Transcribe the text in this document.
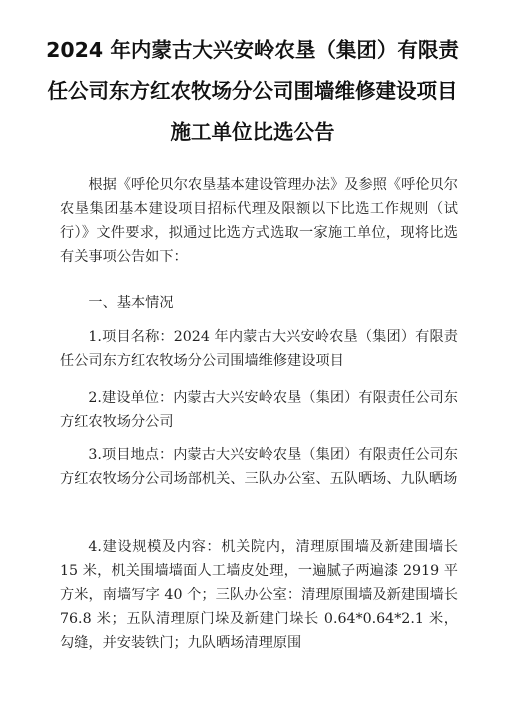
2024 年内蒙古大兴安岭农垦（集团）有限责任公司东方红农牧场分公司围墙维修建设项目施工单位比选公告

根据《呼伦贝尔农垦基本建设管理办法》及参照《呼伦贝尔农垦集团基本建设项目招标代理及限额以下比选工作规则（试行）》文件要求，拟通过比选方式选取一家施工单位，现将比选有关事项公告如下：

一、基本情况

1.项目名称：2024 年内蒙古大兴安岭农垦（集团）有限责任公司东方红农牧场分公司围墙维修建设项目

2.建设单位：内蒙古大兴安岭农垦（集团）有限责任公司东方红农牧场分公司

3.项目地点：内蒙古大兴安岭农垦（集团）有限责任公司东方红农牧场分公司场部机关、三队办公室、五队晒场、九队晒场

4.建设规模及内容：机关院内，清理原围墙及新建围墙长 15 米，机关围墙墙面人工墙皮处理，一遍腻子两遍漆 2919 平方米，南墙写字 40 个；三队办公室：清理原围墙及新建围墙长 76.8 米；五队清理原门垛及新建门垛长 0.64*0.64*2.1 米，勾缝，并安装铁门；九队晒场清理原围
